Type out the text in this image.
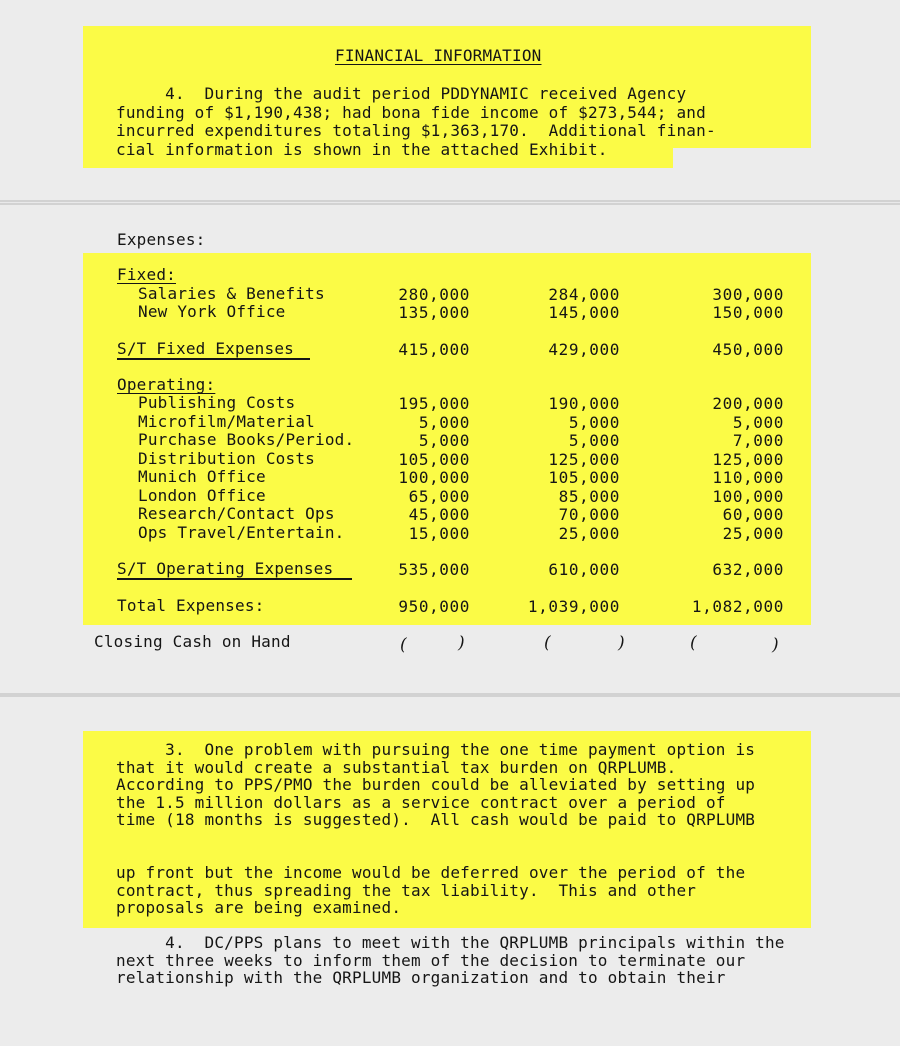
FINANCIAL INFORMATION
4.  During the audit period PDDYNAMIC received Agency
funding of $1,190,438; had bona fide income of $273,544; and
incurred expenditures totaling $1,363,170.  Additional finan-
cial information is shown in the attached Exhibit.
Expenses:
Fixed:
Salaries & Benefits	280,000	284,000	300,000
New York Office	135,000	145,000	150,000
S/T Fixed Expenses	415,000	429,000	450,000
Operating:
Publishing Costs	195,000	190,000	200,000
Microfilm/Material	5,000	5,000	5,000
Purchase Books/Period.	5,000	5,000	7,000
Distribution Costs	105,000	125,000	125,000
Munich Office	100,000	105,000	110,000
London Office	65,000	85,000	100,000
Research/Contact Ops	45,000	70,000	60,000
Ops Travel/Entertain.	15,000	25,000	25,000
S/T Operating Expenses	535,000	610,000	632,000
Total Expenses:	950,000	1,039,000	1,082,000
Closing Cash on Hand	(	)	(	)	(	)
3.  One problem with pursuing the one time payment option is
that it would create a substantial tax burden on QRPLUMB.
According to PPS/PMO the burden could be alleviated by setting up
the 1.5 million dollars as a service contract over a period of
time (18 months is suggested).  All cash would be paid to QRPLUMB
up front but the income would be deferred over the period of the
contract, thus spreading the tax liability.  This and other
proposals are being examined.
4.  DC/PPS plans to meet with the QRPLUMB principals within the
next three weeks to inform them of the decision to terminate our
relationship with the QRPLUMB organization and to obtain their
